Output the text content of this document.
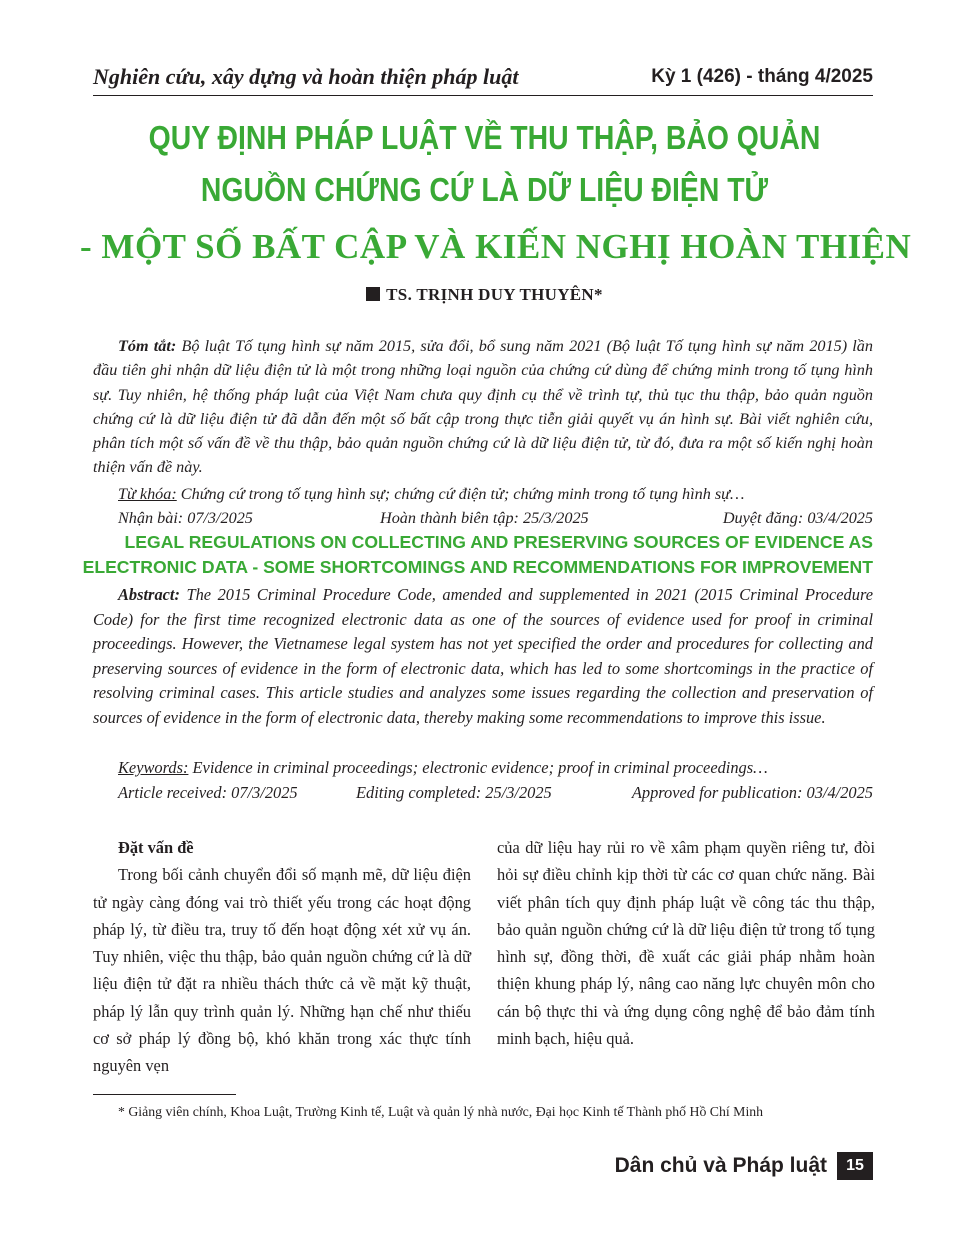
Nghiên cứu, xây dựng và hoàn thiện pháp luật	Kỳ 1 (426) - tháng 4/2025
QUY ĐỊNH PHÁP LUẬT VỀ THU THẬP, BẢO QUẢN
NGUỒN CHỨNG CỨ LÀ DỮ LIỆU ĐIỆN TỬ
- MỘT SỐ BẤT CẬP VÀ KIẾN NGHỊ HOÀN THIỆN
TS. TRỊNH DUY THUYÊN*
Tóm tắt: Bộ luật Tố tụng hình sự năm 2015, sửa đổi, bổ sung năm 2021 (Bộ luật Tố tụng hình sự năm 2015) lần đầu tiên ghi nhận dữ liệu điện tử là một trong những loại nguồn của chứng cứ dùng để chứng minh trong tố tụng hình sự. Tuy nhiên, hệ thống pháp luật của Việt Nam chưa quy định cụ thể về trình tự, thủ tục thu thập, bảo quản nguồn chứng cứ là dữ liệu điện tử đã dẫn đến một số bất cập trong thực tiễn giải quyết vụ án hình sự. Bài viết nghiên cứu, phân tích một số vấn đề về thu thập, bảo quản nguồn chứng cứ là dữ liệu điện tử, từ đó, đưa ra một số kiến nghị hoàn thiện vấn đề này.
Từ khóa: Chứng cứ trong tố tụng hình sự; chứng cứ điện tử; chứng minh trong tố tụng hình sự…
Nhận bài: 07/3/2025	Hoàn thành biên tập: 25/3/2025	Duyệt đăng: 03/4/2025
LEGAL REGULATIONS ON COLLECTING AND PRESERVING SOURCES OF EVIDENCE AS
ELECTRONIC DATA - SOME SHORTCOMINGS AND RECOMMENDATIONS FOR IMPROVEMENT
Abstract: The 2015 Criminal Procedure Code, amended and supplemented in 2021 (2015 Criminal Procedure Code) for the first time recognized electronic data as one of the sources of evidence used for proof in criminal proceedings. However, the Vietnamese legal system has not yet specified the order and procedures for collecting and preserving sources of evidence in the form of electronic data, which has led to some shortcomings in the practice of resolving criminal cases. This article studies and analyzes some issues regarding the collection and preservation of sources of evidence in the form of electronic data, thereby making some recommendations to improve this issue.
Keywords: Evidence in criminal proceedings; electronic evidence; proof in criminal proceedings…
Article received: 07/3/2025	Editing completed: 25/3/2025	Approved for publication: 03/4/2025
Đặt vấn đề
Trong bối cảnh chuyển đổi số mạnh mẽ, dữ liệu điện tử ngày càng đóng vai trò thiết yếu trong các hoạt động pháp lý, từ điều tra, truy tố đến hoạt động xét xử vụ án. Tuy nhiên, việc thu thập, bảo quản nguồn chứng cứ là dữ liệu điện tử đặt ra nhiều thách thức cả về mặt kỹ thuật, pháp lý lẫn quy trình quản lý. Những hạn chế như thiếu cơ sở pháp lý đồng bộ, khó khăn trong xác thực tính nguyên vẹn
của dữ liệu hay rủi ro về xâm phạm quyền riêng tư, đòi hỏi sự điều chỉnh kịp thời từ các cơ quan chức năng. Bài viết phân tích quy định pháp luật về công tác thu thập, bảo quản nguồn chứng cứ là dữ liệu điện tử trong tố tụng hình sự, đồng thời, đề xuất các giải pháp nhằm hoàn thiện khung pháp lý, nâng cao năng lực chuyên môn cho cán bộ thực thi và ứng dụng công nghệ để bảo đảm tính minh bạch, hiệu quả.
* Giảng viên chính, Khoa Luật, Trường Kinh tế, Luật và quản lý nhà nước, Đại học Kinh tế Thành phố Hồ Chí Minh
Dân chủ và Pháp luật	15
